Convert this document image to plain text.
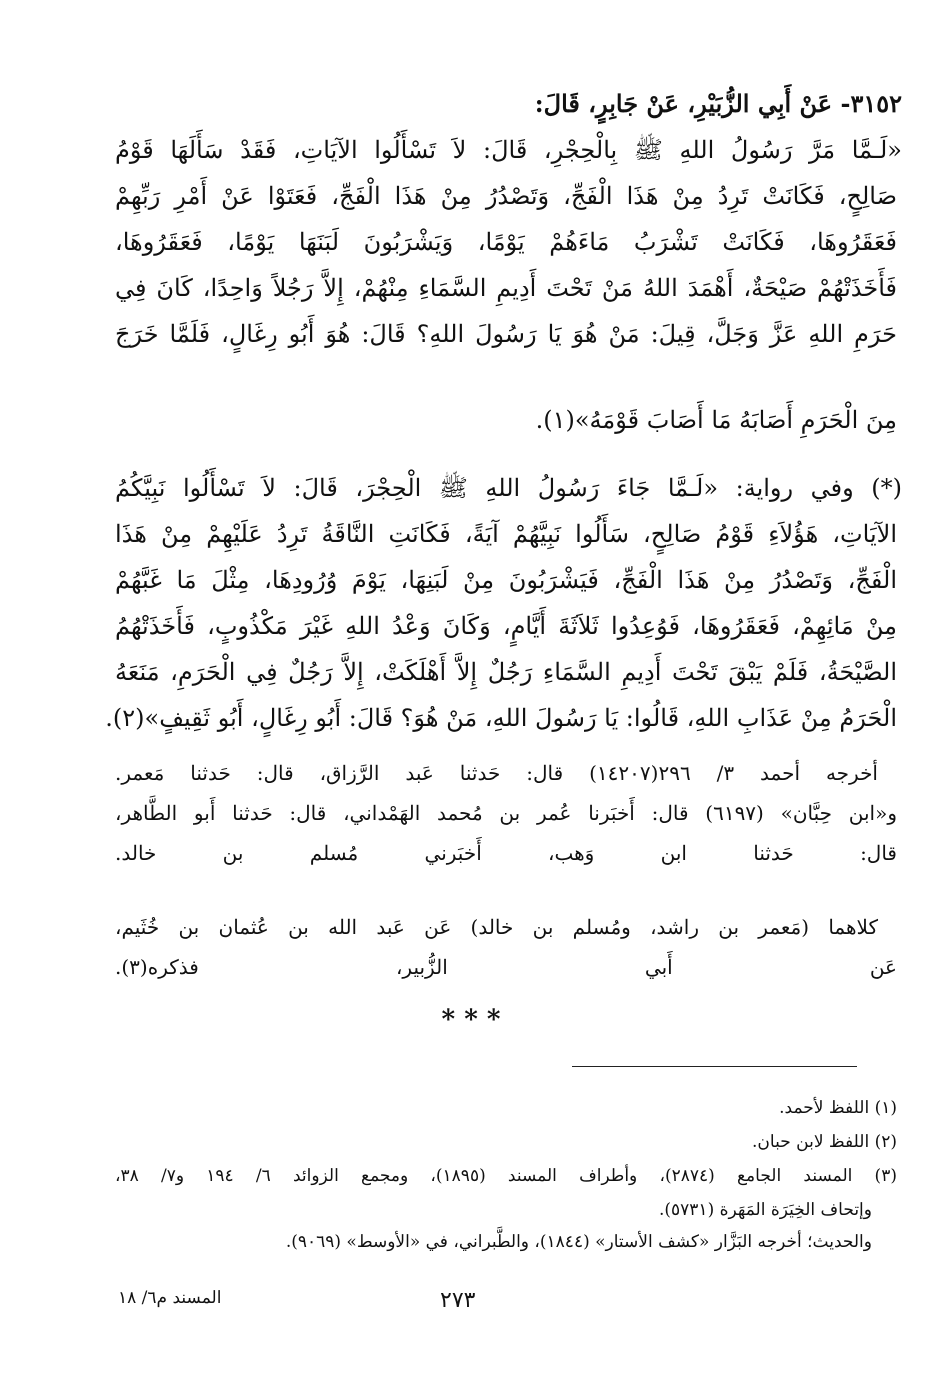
٣١٥٢- عَنْ أَبِي الزُّبَيْرِ، عَنْ جَابِرٍ، قَالَ:
«لَـمَّا مَرَّ رَسُولُ اللهِ ﷺ بِالْحِجْرِ، قَالَ: لاَ تَسْأَلُوا الآيَاتِ، فَقَدْ سَأَلَهَا قَوْمُ
صَالِحٍ، فَكَانَتْ تَرِدُ مِنْ هَذَا الْفَجِّ، وَتَصْدُرُ مِنْ هَذَا الْفَجِّ، فَعَتَوْا عَنْ أَمْرِ رَبِّهِمْ
فَعَقَرُوهَا، فَكَانَتْ تَشْرَبُ مَاءَهُمْ يَوْمًا، وَيَشْرَبُونَ لَبَنَهَا يَوْمًا، فَعَقَرُوهَا،
فَأَخَذَتْهُمْ صَيْحَةٌ، أَهْمَدَ اللهُ مَنْ تَحْتَ أَدِيمِ السَّمَاءِ مِنْهُمْ، إِلاَّ رَجُلاً وَاحِدًا، كَانَ فِي
حَرَمِ اللهِ عَزَّ وَجَلَّ، قِيلَ: مَنْ هُوَ يَا رَسُولَ اللهِ؟ قَالَ: هُوَ أَبُو رِغَالٍ، فَلَمَّا خَرَجَ
مِنَ الْحَرَمِ أَصَابَهُ مَا أَصَابَ قَوْمَهُ»(١).
(*) وفي رواية: «لَـمَّا جَاءَ رَسُولُ اللهِ ﷺ الْحِجْرَ، قَالَ: لاَ تَسْأَلُوا نَبِيَّكُمُ
الآيَاتِ، هَؤُلاَءِ قَوْمُ صَالِحٍ، سَأَلُوا نَبِيَّهُمْ آيَةً، فَكَانَتِ النَّاقَةُ تَرِدُ عَلَيْهِمْ مِنْ هَذَا
الْفَجِّ، وَتَصْدُرُ مِنْ هَذَا الْفَجِّ، فَيَشْرَبُونَ مِنْ لَبَنِهَا، يَوْمَ وُرُودِهَا، مِثْلَ مَا غَبَّهُمْ
مِنْ مَائِهِمْ، فَعَقَرُوهَا، فَوُعِدُوا ثَلاَثَةَ أَيَّامٍ، وَكَانَ وَعْدُ اللهِ غَيْرَ مَكْذُوبٍ، فَأَخَذَتْهُمُ
الصَّيْحَةُ، فَلَمْ يَبْقَ تَحْتَ أَدِيمِ السَّمَاءِ رَجُلٌ إِلاَّ أَهْلَكَتْ، إِلاَّ رَجُلٌ فِي الْحَرَمِ، مَنَعَهُ
الْحَرَمُ مِنْ عَذَابِ اللهِ، قَالُوا: يَا رَسُولَ اللهِ، مَنْ هُوَ؟ قَالَ: أَبُو رِغَالٍ، أَبُو ثَقِيفٍ»(٢).
أخرجه أحمد ٣/ ٢٩٦(١٤٢٠٧) قال: حَدثنا عَبد الرَّزاق، قال: حَدثنا مَعمر.
و«ابن حِبَّان» (٦١٩٧) قال: أَخبَرنا عُمر بن مُحمد الهَمْداني، قال: حَدثنا أَبو الطَّاهر،
قال: حَدثنا ابن وَهب، أَخبَرني مُسلم بن خالد.
كلاهما (مَعمر بن راشد، ومُسلم بن خالد) عَن عَبد الله بن عُثمان بن خُثَيم،
عَن أَبي الزُّبير، فذكره(٣).
* * *
(١) اللفظ لأحمد.
(٢) اللفظ لابن حبان.
(٣) المسند الجامع (٢٨٧٤)، وأطراف المسند (١٨٩٥)، ومجمع الزوائد ٦/ ١٩٤ و٧/ ٣٨،
وإتحاف الخِيَرَة المَهَرة (٥٧٣١).
والحديث؛ أخرجه البَزَّار «كشف الأستار» (١٨٤٤)، والطَّبراني، في «الأوسط» (٩٠٦٩).
٢٧٣
المسند م٦/ ١٨
